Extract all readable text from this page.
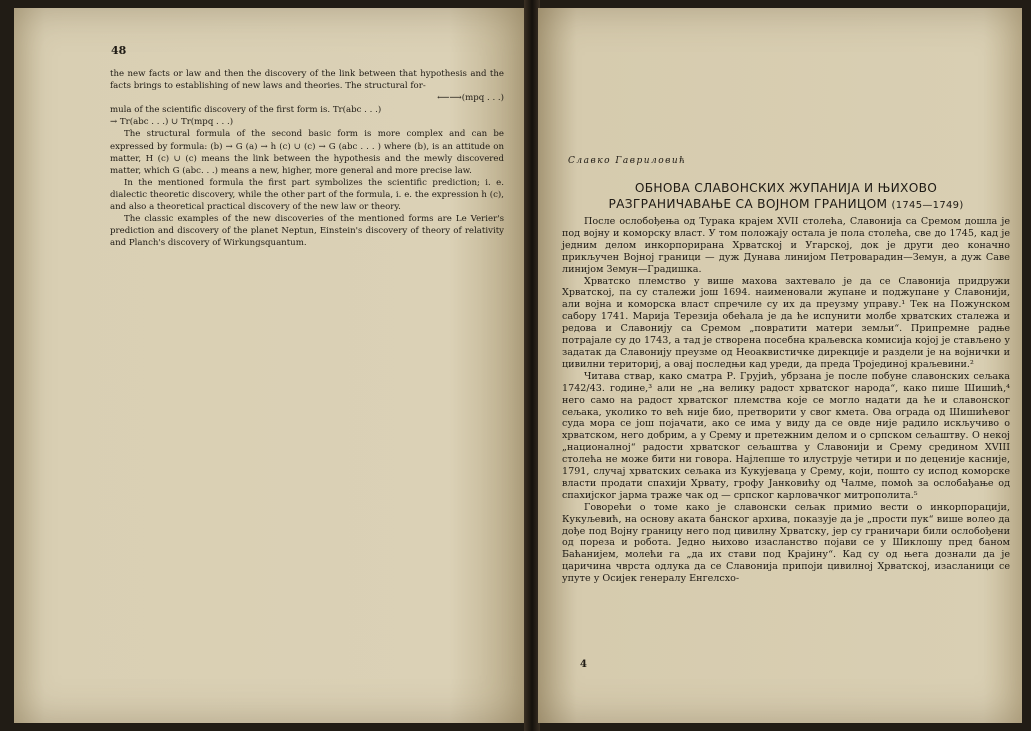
48

the new facts or law and then the discovery of the link between that hypothesis and the facts brings to establishing of new laws and theories. The structural for-

⟵⟶(mpq . . .)

mula of the scientific discovery of the first form is. Tr(abc . . .)

→ Tr(abc . . .) ∪ Tr(mpq . . .)

The structural formula of the second basic form is more complex and can be expressed by formula: (b) → G (a) → h (c) ∪ (c) → G (abc . . . ) where (b), is an attitude on matter, H (c) ∪ (c) means the link between the hypothesis and the mewly discovered matter, which G (abc. . .) means a new, higher, more general and more precise law.

In the mentioned formula the first part symbolizes the scientific prediction; i. e. dialectic theoretic discovery, while the other part of the formula, i. e. the expression h (c), and also a theoretical practical discovery of the new law or theory.

The classic examples of the new discoveries of the mentioned forms are Le Verier's prediction and discovery of the planet Neptun, Einstein's discovery of theory of relativity and Planch's discovery of Wirkungsquantum.

Славко Гавриловић
ОБНОВА СЛАВОНСКИХ ЖУПАНИЈА И ЊИХОВО
РАЗГРАНИЧАВАЊЕ СА ВОЈНОМ ГРАНИЦОМ (1745—1749)

После ослобођења од Турака крајем XVII столећа, Славонија са Сремом дошла је под војну и коморску власт. У том положају остала је пола столећа, све до 1745, кад је једним делом инкорпорирана Хрватској и Угарској, док је други део коначно прикључен Војној граници — дуж Дунава линијом Петроварадин—Земун, а дуж Саве линијом Земун—Градишка.

Хрватско племство у више махова захтевало је да се Славонија придружи Хрватској, па су сталежи још 1694. наименовали жупане и поджупане у Славонији, али војна и коморска власт спречиле су их да преузму управу.¹ Тек на Пожунском сабору 1741. Марија Терезија обећала је да ће испунити молбе хрватских сталежа и редова и Славонију са Сремом „повратити матери земљи“. Припремне радње потрајале су до 1743, а тад је створена посебна краљевска комисија којој је стављено у задатак да Славонију преузме од Неоаквистичке дирекције и раздели је на војнички и цивилни териториј, а овај последњи кад уреди, да преда Тројединој краљевини.²

Читава ствар, како сматра Р. Грујић, убрзана је после побуне славонских сељака 1742/43. године,³ али не „на велику радост хрватског народа“, како пише Шишић,⁴ него само на радост хрватског племства које се могло надати да ће и славонског сељака, уколико то већ није био, претворити у свог кмета. Ова ограда од Шишићевог суда мора се још појачати, ако се има у виду да се овде није радило искључиво о хрватском, него добрим, а у Срему и претежним делом и о српском сељаштву. О некој „националној“ радости хрватског сељаштва у Славонији и Срему средином XVIII столећа не може бити ни говора. Најлепше то илуструје четири и по деценије касније, 1791, случај хрватских сељака из Кукујеваца у Срему, који, пошто су испод коморске власти продати спахији Хрвату, грофу Јанковићу од Чалме, помоћ за ослобађање од спахијског јарма траже чак од — српског карловачког митрополита.⁵

Говорећи о томе како је славонски сељак примио вести о инкорпорацији, Кукуљевић, на основу аката банског архива, показује да је „прости пук“ више волео да дође под Војну границу него под цивилну Хрватску, јер су граничари били ослобођени од пореза и робота. Једно њихово изасланство појави се у Шиклошу пред баном Баћанијем, молећи га „да их стави под Крајину“. Кад су од њега дознали да је царичина чврста одлука да се Славонија припоји цивилној Хрватској, изасланици се упуте у Осијек генералу Енгелсхо-

4
